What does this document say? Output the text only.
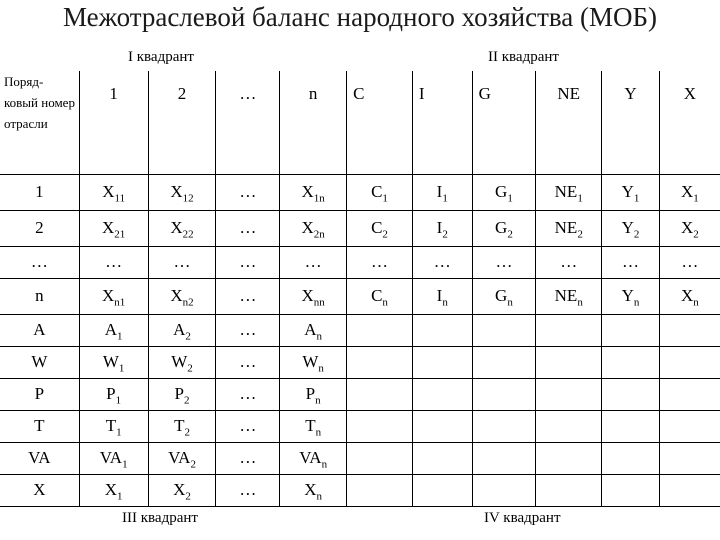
Межотраслевой баланс народного хозяйства (МОБ)
I квадрант	II квадрант
III квадрант	IV квадрант
Поряд- ковый номер отрасли	1	2	…	n	C	I	G	NE	Y	X
1	$X_{11}$	$X_{12}$	…	$X_{1n}$	$C_1$	$I_1$	$G_1$	$NE_1$	$Y_1$	$X_1$
2	$X_{21}$	$X_{22}$	…	$X_{2n}$	$C_2$	$I_2$	$G_2$	$NE_2$	$Y_2$	$X_2$
…	…	…	…	…	…	…	…	…	…	…
n	$X_{n1}$	$X_{n2}$	…	$X_{nn}$	$C_n$	$I_n$	$G_n$	$NE_n$	$Y_n$	$X_n$
A	$A_1$	$A_2$	…	$A_n$						
W	$W_1$	$W_2$	…	$W_n$						
P	$P_1$	$P_2$	…	$P_n$						
T	$T_1$	$T_2$	…	$T_n$						
VA	$VA_1$	$VA_2$	…	$VA_n$						
X	$X_1$	$X_2$	…	$X_n$						
